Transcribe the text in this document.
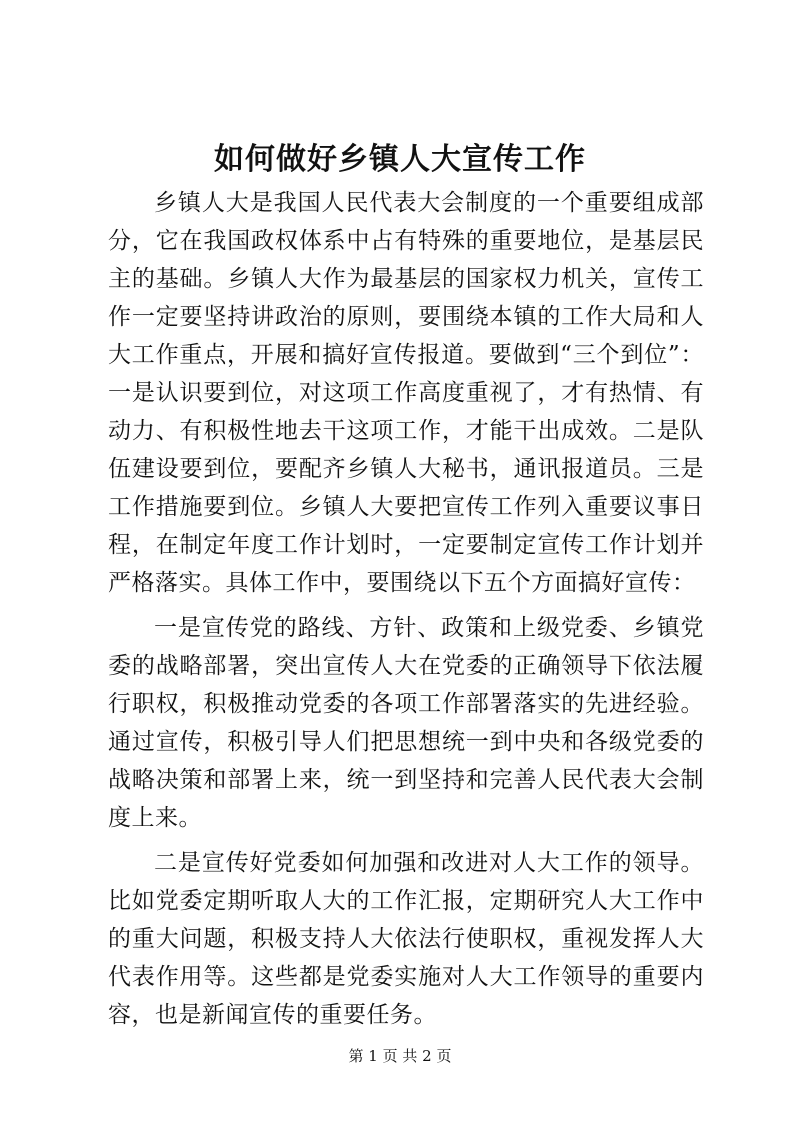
如何做好乡镇人大宣传工作

乡镇人大是我国人民代表大会制度的一个重要组成部分，它在我国政权体系中占有特殊的重要地位，是基层民主的基础。乡镇人大作为最基层的国家权力机关，宣传工作一定要坚持讲政治的原则，要围绕本镇的工作大局和人大工作重点，开展和搞好宣传报道。要做到“三个到位”：一是认识要到位，对这项工作高度重视了，才有热情、有动力、有积极性地去干这项工作，才能干出成效。二是队伍建设要到位，要配齐乡镇人大秘书，通讯报道员。三是工作措施要到位。乡镇人大要把宣传工作列入重要议事日程，在制定年度工作计划时，一定要制定宣传工作计划并严格落实。具体工作中，要围绕以下五个方面搞好宣传：

一是宣传党的路线、方针、政策和上级党委、乡镇党委的战略部署，突出宣传人大在党委的正确领导下依法履行职权，积极推动党委的各项工作部署落实的先进经验。通过宣传，积极引导人们把思想统一到中央和各级党委的战略决策和部署上来，统一到坚持和完善人民代表大会制度上来。

二是宣传好党委如何加强和改进对人大工作的领导。比如党委定期听取人大的工作汇报，定期研究人大工作中的重大问题，积极支持人大依法行使职权，重视发挥人大代表作用等。这些都是党委实施对人大工作领导的重要内容，也是新闻宣传的重要任务。

第 1 页 共 2 页
